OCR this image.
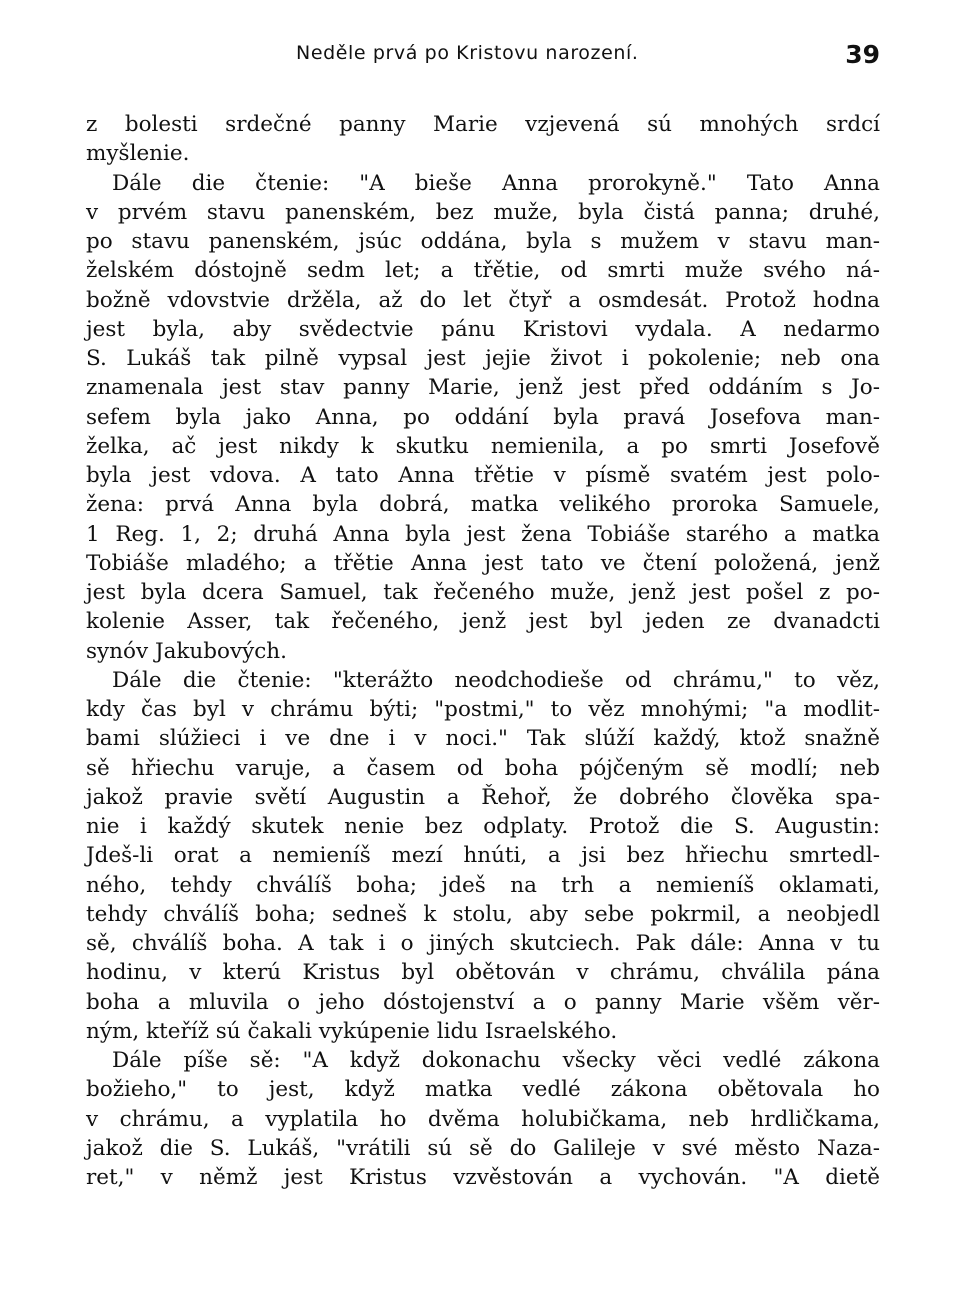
Neděle prvá po Kristovu narození.	39
z bolesti srdečné panny Marie vzjevená sú mnohých srdcí
myšlenie.
Dále die čtenie: "A bieše Anna prorokyně." Tato Anna
v prvém stavu panenském, bez muže, byla čistá panna; druhé,
po stavu panenském, jsúc oddána, byla s mužem v stavu man-
želském dóstojně sedm let; a třětie, od smrti muže svého ná-
božně vdovstvie držěla, až do let čtyř a osmdesát. Protož hodna
jest byla, aby svědectvie pánu Kristovi vydala. A nedarmo
S. Lukáš tak pilně vypsal jest jejie život i pokolenie; neb ona
znamenala jest stav panny Marie, jenž jest před oddáním s Jo-
sefem byla jako Anna, po oddání byla pravá Josefova man-
želka, ač jest nikdy k skutku nemienila, a po smrti Josefově
byla jest vdova. A tato Anna třětie v písmě svatém jest polo-
žena: prvá Anna byla dobrá, matka velikého proroka Samuele,
1 Reg. 1, 2; druhá Anna byla jest žena Tobiáše starého a matka
Tobiáše mladého; a třětie Anna jest tato ve čtení položená, jenž
jest byla dcera Samuel, tak řečeného muže, jenž jest pošel z po-
kolenie Asser, tak řečeného, jenž jest byl jeden ze dvanadcti
synóv Jakubových.
Dále die čtenie: "kterážto neodchodieše od chrámu," to věz,
kdy čas byl v chrámu býti; "postmi," to věz mnohými; "a modlit-
bami slúžieci i ve dne i v noci." Tak slúží každý, ktož snažně
sě hřiechu varuje, a časem od boha pójčeným sě modlí; neb
jakož pravie světí Augustin a Řehoř, že dobrého člověka spa-
nie i každý skutek nenie bez odplaty. Protož die S. Augustin:
Jdeš-li orat a nemieníš mezí hnúti, a jsi bez hřiechu smrtedl-
ného, tehdy chválíš boha; jdeš na trh a nemieníš oklamati,
tehdy chválíš boha; sedneš k stolu, aby sebe pokrmil, a neobjedl
sě, chválíš boha. A tak i o jiných skutciech. Pak dále: Anna v tu
hodinu, v kterú Kristus byl obětován v chrámu, chválila pána
boha a mluvila o jeho dóstojenství a o panny Marie všěm věr-
ným, kteříž sú čakali vykúpenie lidu Israelského.
Dále píše sě: "A když dokonachu všecky věci vedlé zákona
božieho," to jest, když matka vedlé zákona obětovala ho
v chrámu, a vyplatila ho dvěma holubičkama, neb hrdličkama,
jakož die S. Lukáš, "vrátili sú sě do Galileje v své město Naza-
ret," v němž jest Kristus vzvěstován a vychován. "A dietě
